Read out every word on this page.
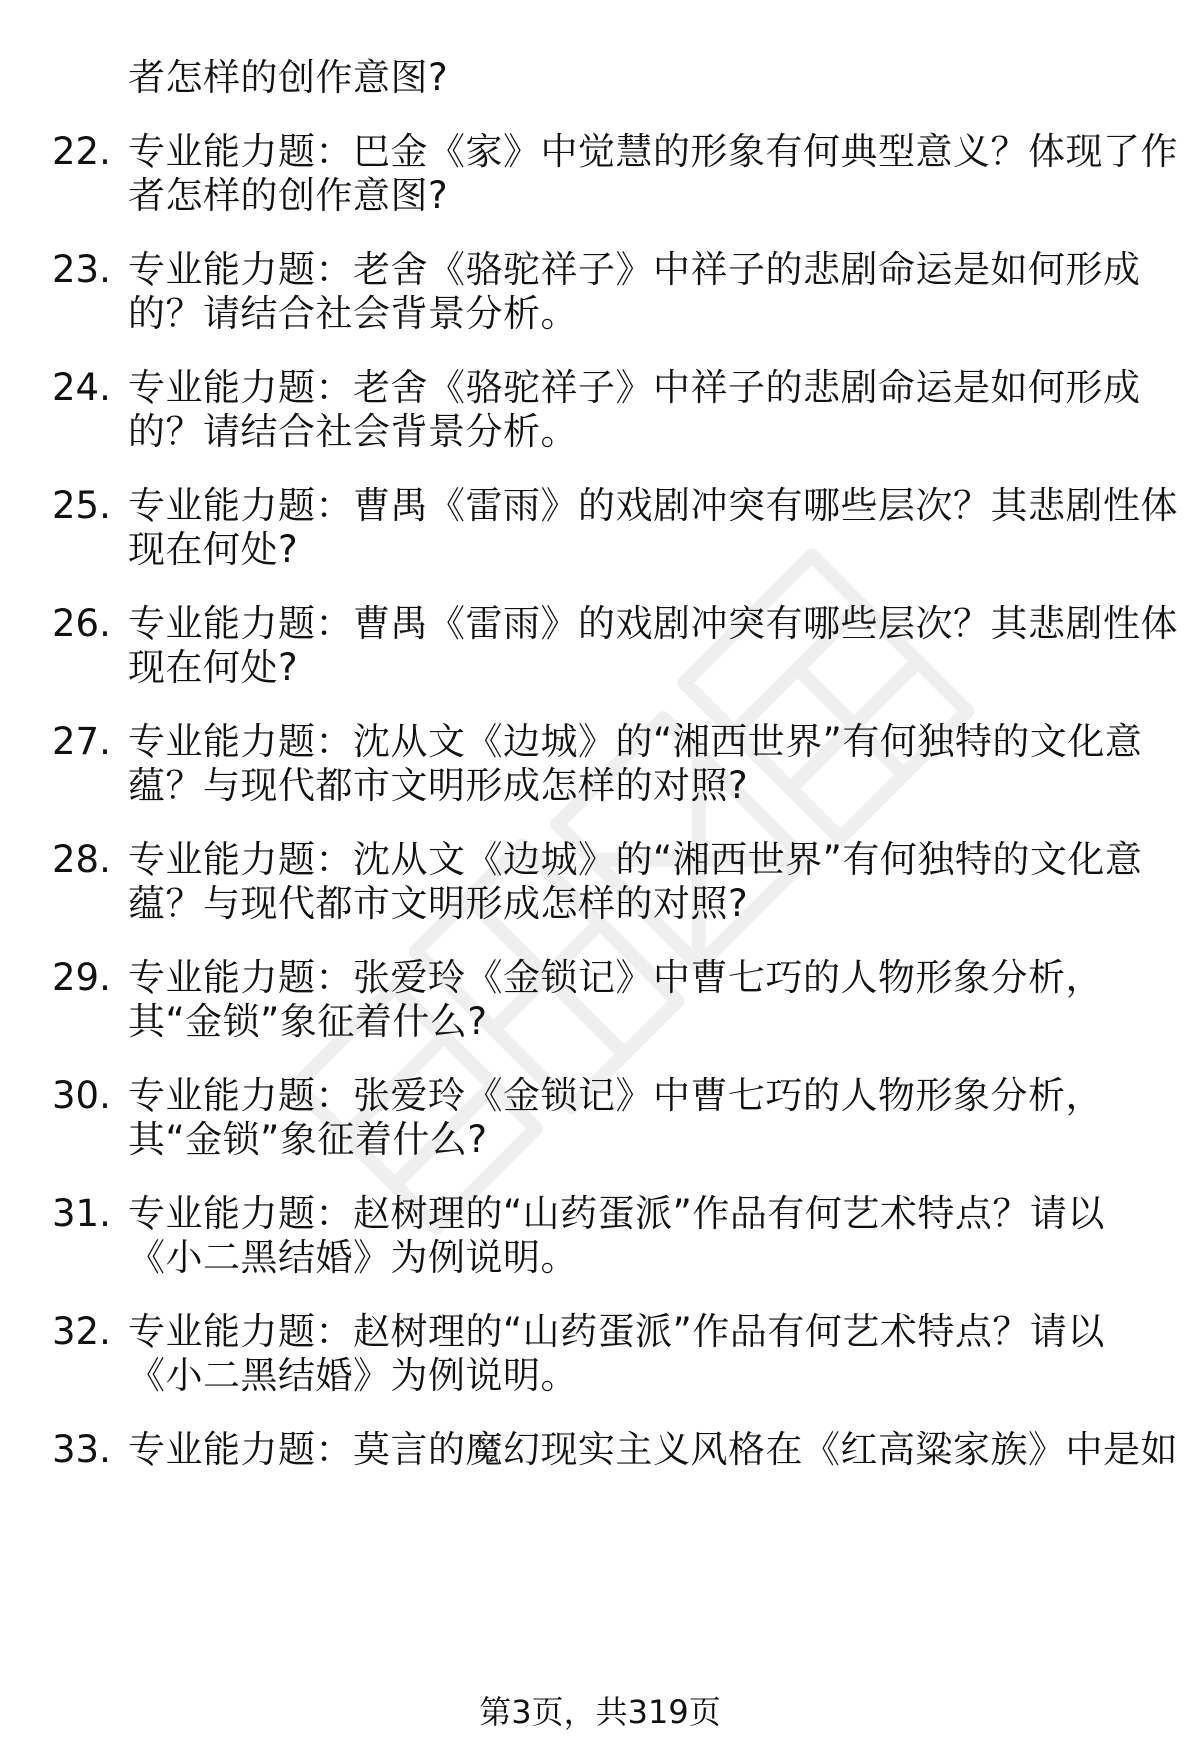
者怎样的创作意图?
22. 专业能力题：巴金《家》中觉慧的形象有何典型意义？体现了作
者怎样的创作意图?
23. 专业能力题：老舍《骆驼祥子》中祥子的悲剧命运是如何形成
的？请结合社会背景分析。
24. 专业能力题：老舍《骆驼祥子》中祥子的悲剧命运是如何形成
的？请结合社会背景分析。
25. 专业能力题：曹禺《雷雨》的戏剧冲突有哪些层次？其悲剧性体
现在何处?
26. 专业能力题：曹禺《雷雨》的戏剧冲突有哪些层次？其悲剧性体
现在何处?
27. 专业能力题：沈从文《边城》的“湘西世界”有何独特的文化意
蕴？与现代都市文明形成怎样的对照?
28. 专业能力题：沈从文《边城》的“湘西世界”有何独特的文化意
蕴？与现代都市文明形成怎样的对照?
29. 专业能力题：张爱玲《金锁记》中曹七巧的人物形象分析，
其“金锁”象征着什么?
30. 专业能力题：张爱玲《金锁记》中曹七巧的人物形象分析，
其“金锁”象征着什么?
31. 专业能力题：赵树理的“山药蛋派”作品有何艺术特点？请以
《小二黑结婚》为例说明。
32. 专业能力题：赵树理的“山药蛋派”作品有何艺术特点？请以
《小二黑结婚》为例说明。
33. 专业能力题：莫言的魔幻现实主义风格在《红高粱家族》中是如
第3页，共319页
